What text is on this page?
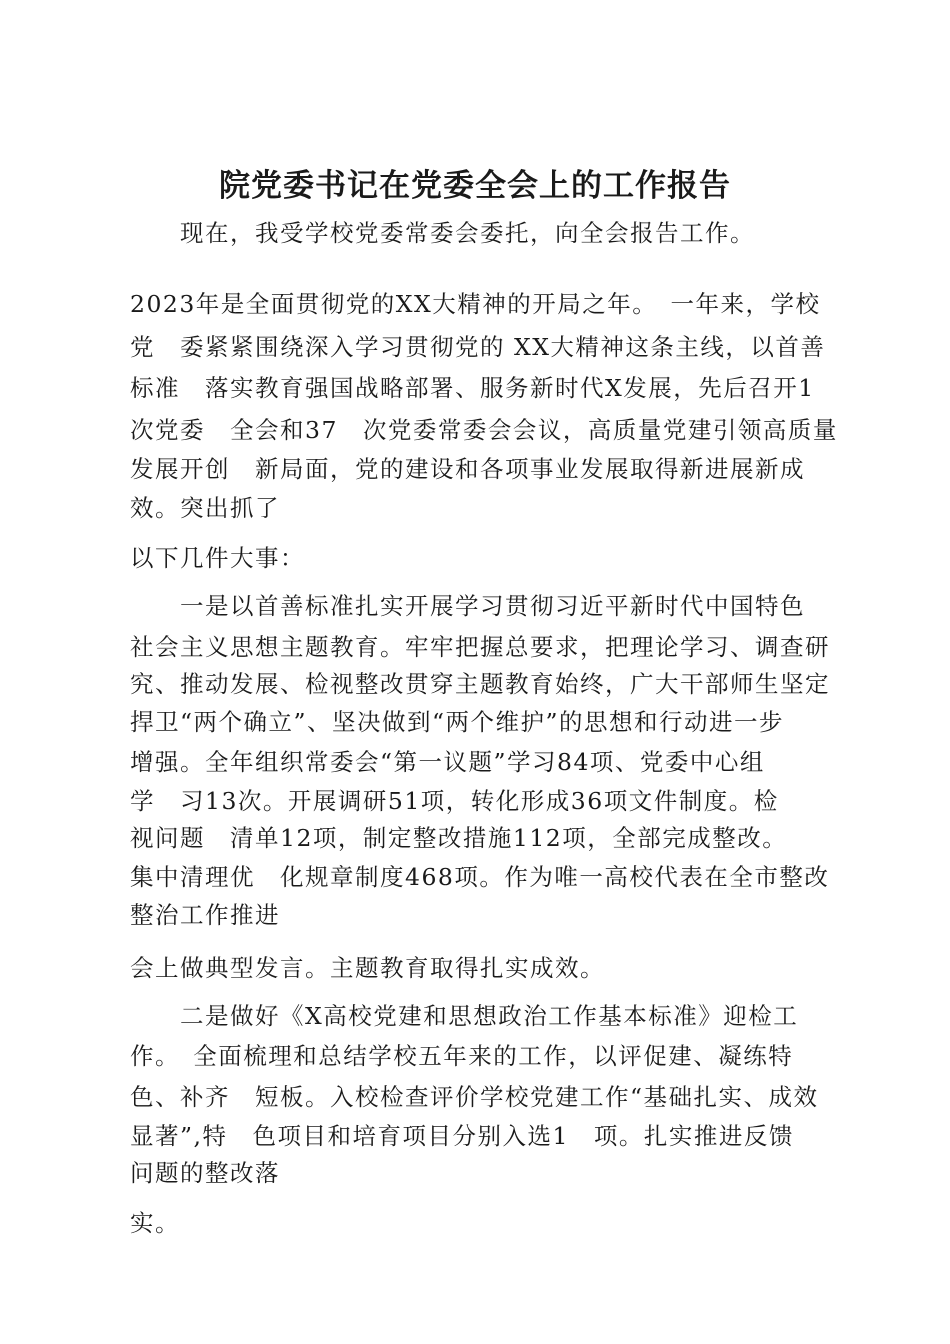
院党委书记在党委全会上的工作报告
　　现在，我受学校党委常委会委托，向全会报告工作。
2023年是全面贯彻党的XX大精神的开局之年。　一年来，学校
党　委紧紧围绕深入学习贯彻党的 XX大精神这条主线，以首善
标准　落实教育强国战略部署、服务新时代X发展，先后召开1
次党委　全会和37　次党委常委会会议，高质量党建引领高质量
发展开创　新局面，党的建设和各项事业发展取得新进展新成
效。突出抓了
以下几件大事：
　　一是以首善标准扎实开展学习贯彻习近平新时代中国特色
社会主义思想主题教育。牢牢把握总要求，把理论学习、调查研
究、推动发展、检视整改贯穿主题教育始终，广大干部师生坚定
捍卫“两个确立”、坚决做到“两个维护”的思想和行动进一步
增强。全年组织常委会“第一议题”学习84项、党委中心组
学　习13次。开展调研51项，转化形成36项文件制度。检
视问题　清单12项，制定整改措施112项，全部完成整改。
集中清理优　化规章制度468项。作为唯一高校代表在全市整改
整治工作推进
会上做典型发言。主题教育取得扎实成效。
　　二是做好《X高校党建和思想政治工作基本标准》迎检工
作。　全面梳理和总结学校五年来的工作，以评促建、凝练特
色、补齐　短板。入校检查评价学校党建工作“基础扎实、成效
显著”,特　色项目和培育项目分别入选1　项。扎实推进反馈
问题的整改落
实。
